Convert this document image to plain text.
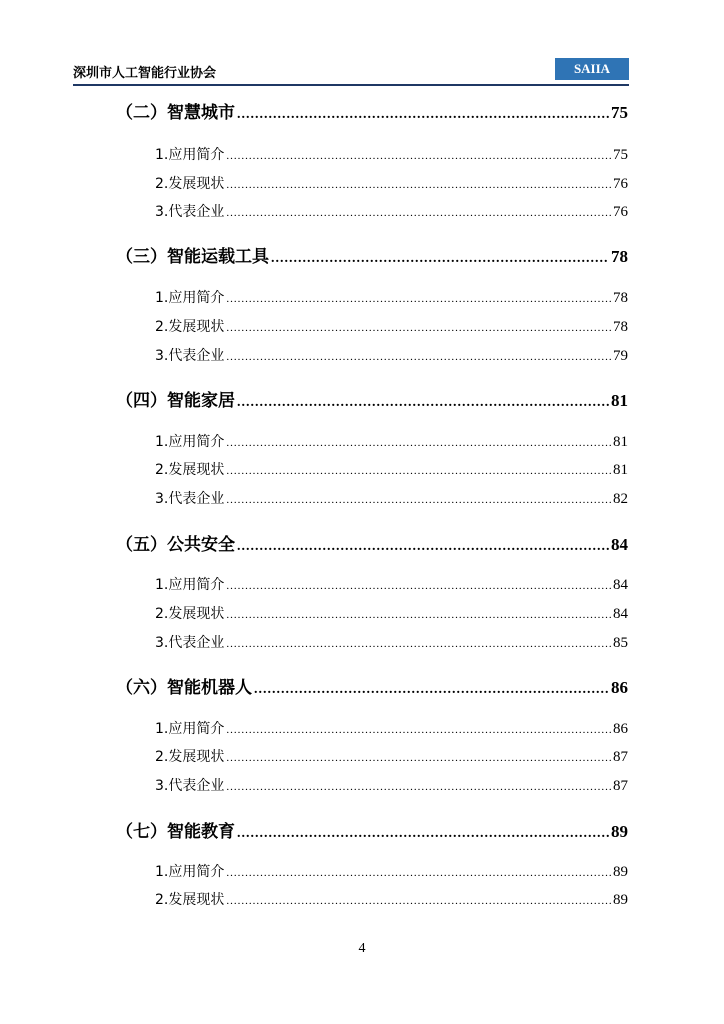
深圳市人工智能行业协会	SAIIA
（二）智慧城市 .....	75
1.应用简介 .....	75
2.发展现状 .....	76
3.代表企业 .....	76
（三）智能运载工具 .....	78
1.应用简介 .....	78
2.发展现状 .....	78
3.代表企业 .....	79
（四）智能家居 .....	81
1.应用简介 .....	81
2.发展现状 .....	81
3.代表企业 .....	82
（五）公共安全 .....	84
1.应用简介 .....	84
2.发展现状 .....	84
3.代表企业 .....	85
（六）智能机器人 .....	86
1.应用简介 .....	86
2.发展现状 .....	87
3.代表企业 .....	87
（七）智能教育 .....	89
1.应用简介 .....	89
2.发展现状 .....	89
4
